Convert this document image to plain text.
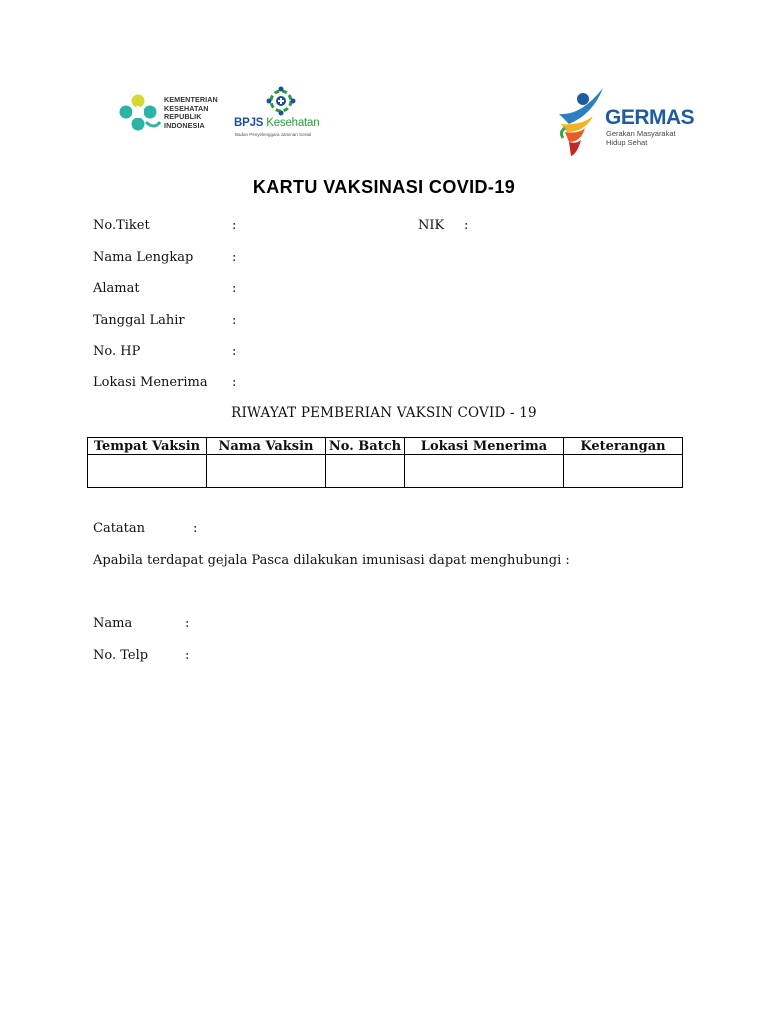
KEMENTERIAN
KESEHATAN
REPUBLIK
INDONESIA	BPJS Kesehatan
Badan Penyelenggara Jaminan Sosial
GERMAS
Gerakan Masyarakat
Hidup Sehat
KARTU VAKSINASI COVID-19
No.Tiket	:	NIK :
Nama Lengkap	:
Alamat	:
Tanggal Lahir	:
No. HP	:
Lokasi Menerima :
RIWAYAT PEMBERIAN VAKSIN COVID - 19
Tempat Vaksin	Nama Vaksin	No. Batch	Lokasi Menerima	Keterangan

Catatan	:
Apabila terdapat gejala Pasca dilakukan imunisasi dapat menghubungi :
Nama	:
No. Telp	:
